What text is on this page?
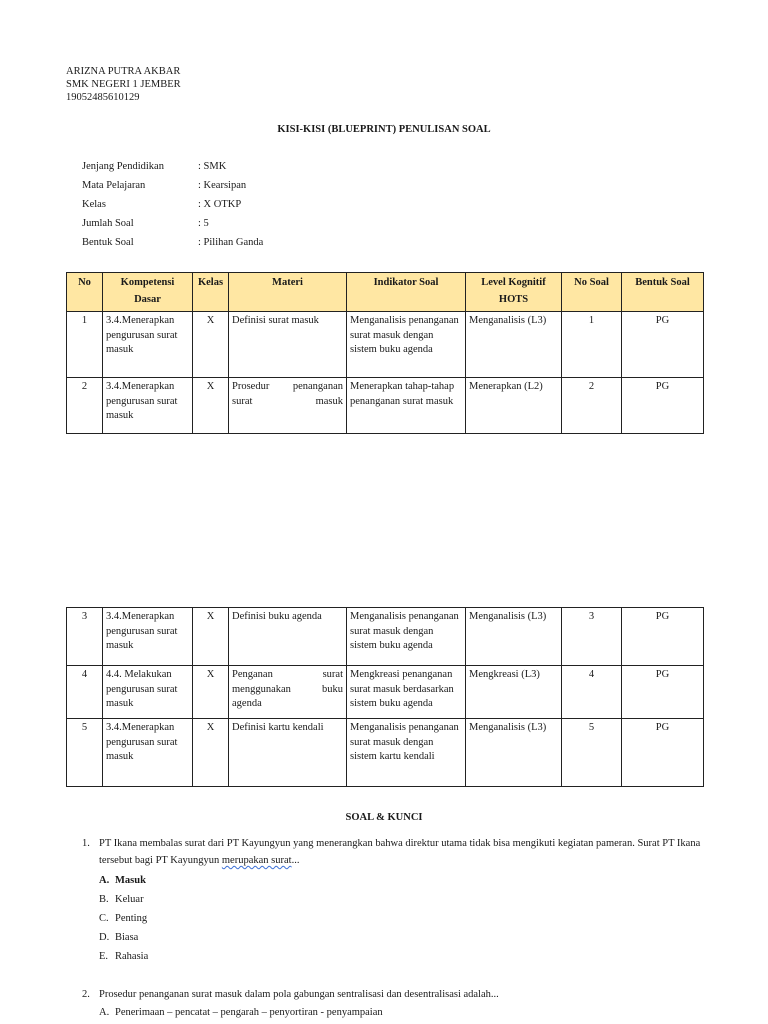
ARIZNA PUTRA AKBAR
SMK NEGERI 1 JEMBER
19052485610129
KISI-KISI (BLUEPRINT) PENULISAN SOAL
Jenjang Pendidikan	: SMK
Mata Pelajaran	: Kearsipan
Kelas	: X OTKP
Jumlah Soal	: 5
Bentuk Soal	: Pilihan Ganda
No	Kompetensi Dasar	Kelas	Materi	Indikator Soal	Level Kognitif HOTS	No Soal	Bentuk Soal
1	3.4.Menerapkan pengurusan surat masuk	X	Definisi surat masuk	Menganalisis penanganan surat masuk dengan sistem buku agenda	Menganalisis (L3)	1	PG
2	3.4.Menerapkan pengurusan surat masuk	X	Prosedur penanganan surat masuk	Menerapkan tahap-tahap penanganan surat masuk	Menerapkan (L2)	2	PG
3	3.4.Menerapkan pengurusan surat masuk	X	Definisi buku agenda	Menganalisis penanganan surat masuk dengan sistem buku agenda	Menganalisis (L3)	3	PG
4	4.4. Melakukan pengurusan surat masuk	X	Penganan surat menggunakan buku agenda	Mengkreasi penanganan surat masuk berdasarkan sistem buku agenda	Mengkreasi (L3)	4	PG
5	3.4.Menerapkan pengurusan surat masuk	X	Definisi kartu kendali	Menganalisis penanganan surat masuk dengan sistem kartu kendali	Menganalisis (L3)	5	PG
SOAL & KUNCI
1. PT Ikana membalas surat dari PT Kayungyun yang menerangkan bahwa direktur utama tidak bisa mengikuti kegiatan pameran. Surat PT Ikana tersebut bagi PT Kayungyun merupakan surat...
A. Masuk
B. Keluar
C. Penting
D. Biasa
E. Rahasia
2. Prosedur penanganan surat masuk dalam pola gabungan sentralisasi dan desentralisasi adalah...
A. Penerimaan – pencatat – pengarah – penyortiran - penyampaian
